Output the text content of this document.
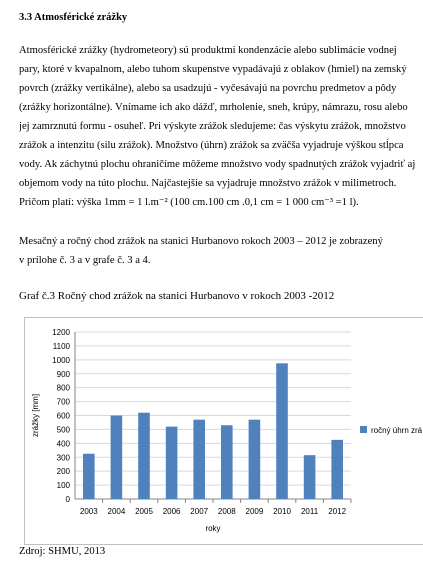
3.3 Atmosférické zrážky
Atmosférické zrážky (hydrometeory) sú produktmi kondenzácie alebo sublimácie vodnej
pary, ktoré v kvapalnom, alebo tuhom skupenstve vypadávajú z oblakov (hmiel) na zemský
povrch (zrážky vertikálne), alebo sa usadzujú - vyčesávajú na povrchu predmetov a pôdy
(zrážky horizontálne). Vnímame ich ako dážď, mrholenie, sneh, krúpy, námrazu, rosu alebo
jej zamrznutú formu - osuheľ. Pri výskyte zrážok sledujeme: čas výskytu zrážok, množstvo
zrážok a intenzitu (silu zrážok). Množstvo (úhrn) zrážok sa zväčša vyjadruje výškou stĺpca
vody. Ak záchytnú plochu ohraničíme môžeme množstvo vody spadnutých zrážok vyjadriť aj
objemom vody na túto plochu. Najčastejšie sa vyjadruje množstvo zrážok v milimetroch.
Pričom platí: výška 1mm = 1 l.m⁻² (100 cm.100 cm .0,1 cm = 1 000 cm⁻³ =1 l).
Mesačný a ročný chod zrážok na stanici Hurbanovo rokoch 2003 – 2012 je zobrazený
v prílohe č. 3 a v grafe č. 3 a 4.
Graf č.3 Ročný chod zrážok na stanici Hurbanovo v rokoch 2003 -2012
0
100
200
300
400
500
600
700
800
900
1000
1100
1200
2003 2004 2005 2006 2007 2008 2009 2010 2011 2012
roky
zrážky [mm]	ročný úhrn zrá
Zdroj: SHMU, 2013
